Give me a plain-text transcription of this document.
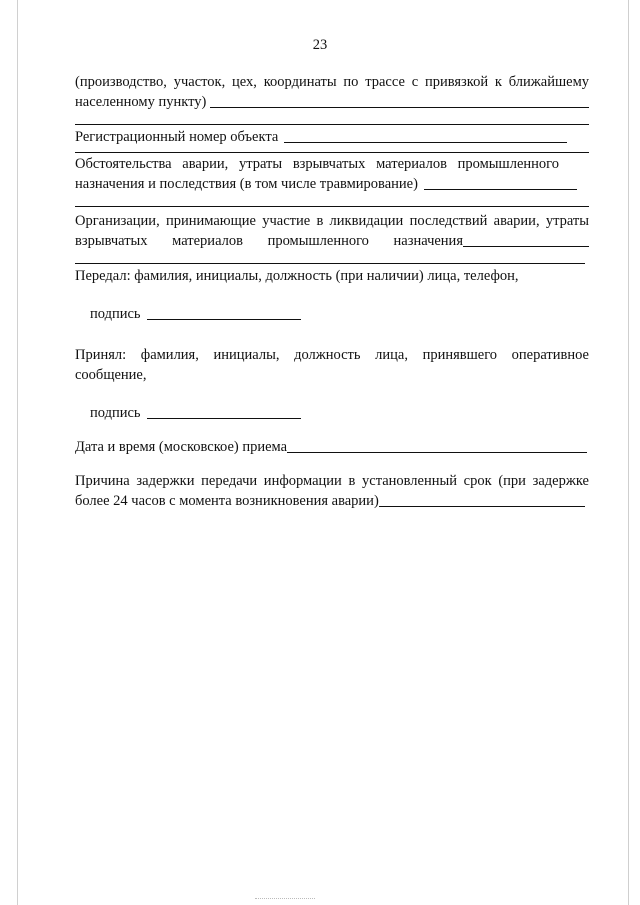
23
(производство, участок, цех, координаты по трассе с привязкой к ближайшему
населенному пункту)
Регистрационный номер объекта
Обстоятельства аварии, утраты взрывчатых материалов промышленного
назначения и последствия (в том числе травмирование)
Организации, принимающие участие в ликвидации последствий аварии, утраты
взрывчатых материалов промышленного назначения
Передал: фамилия, инициалы, должность (при наличии) лица, телефон,
подпись
Принял: фамилия, инициалы, должность лица, принявшего оперативное
сообщение,
подпись
Дата и время (московское) приема
Причина задержки передачи информации в установленный срок (при задержке
более 24 часов с момента возникновения аварии)
